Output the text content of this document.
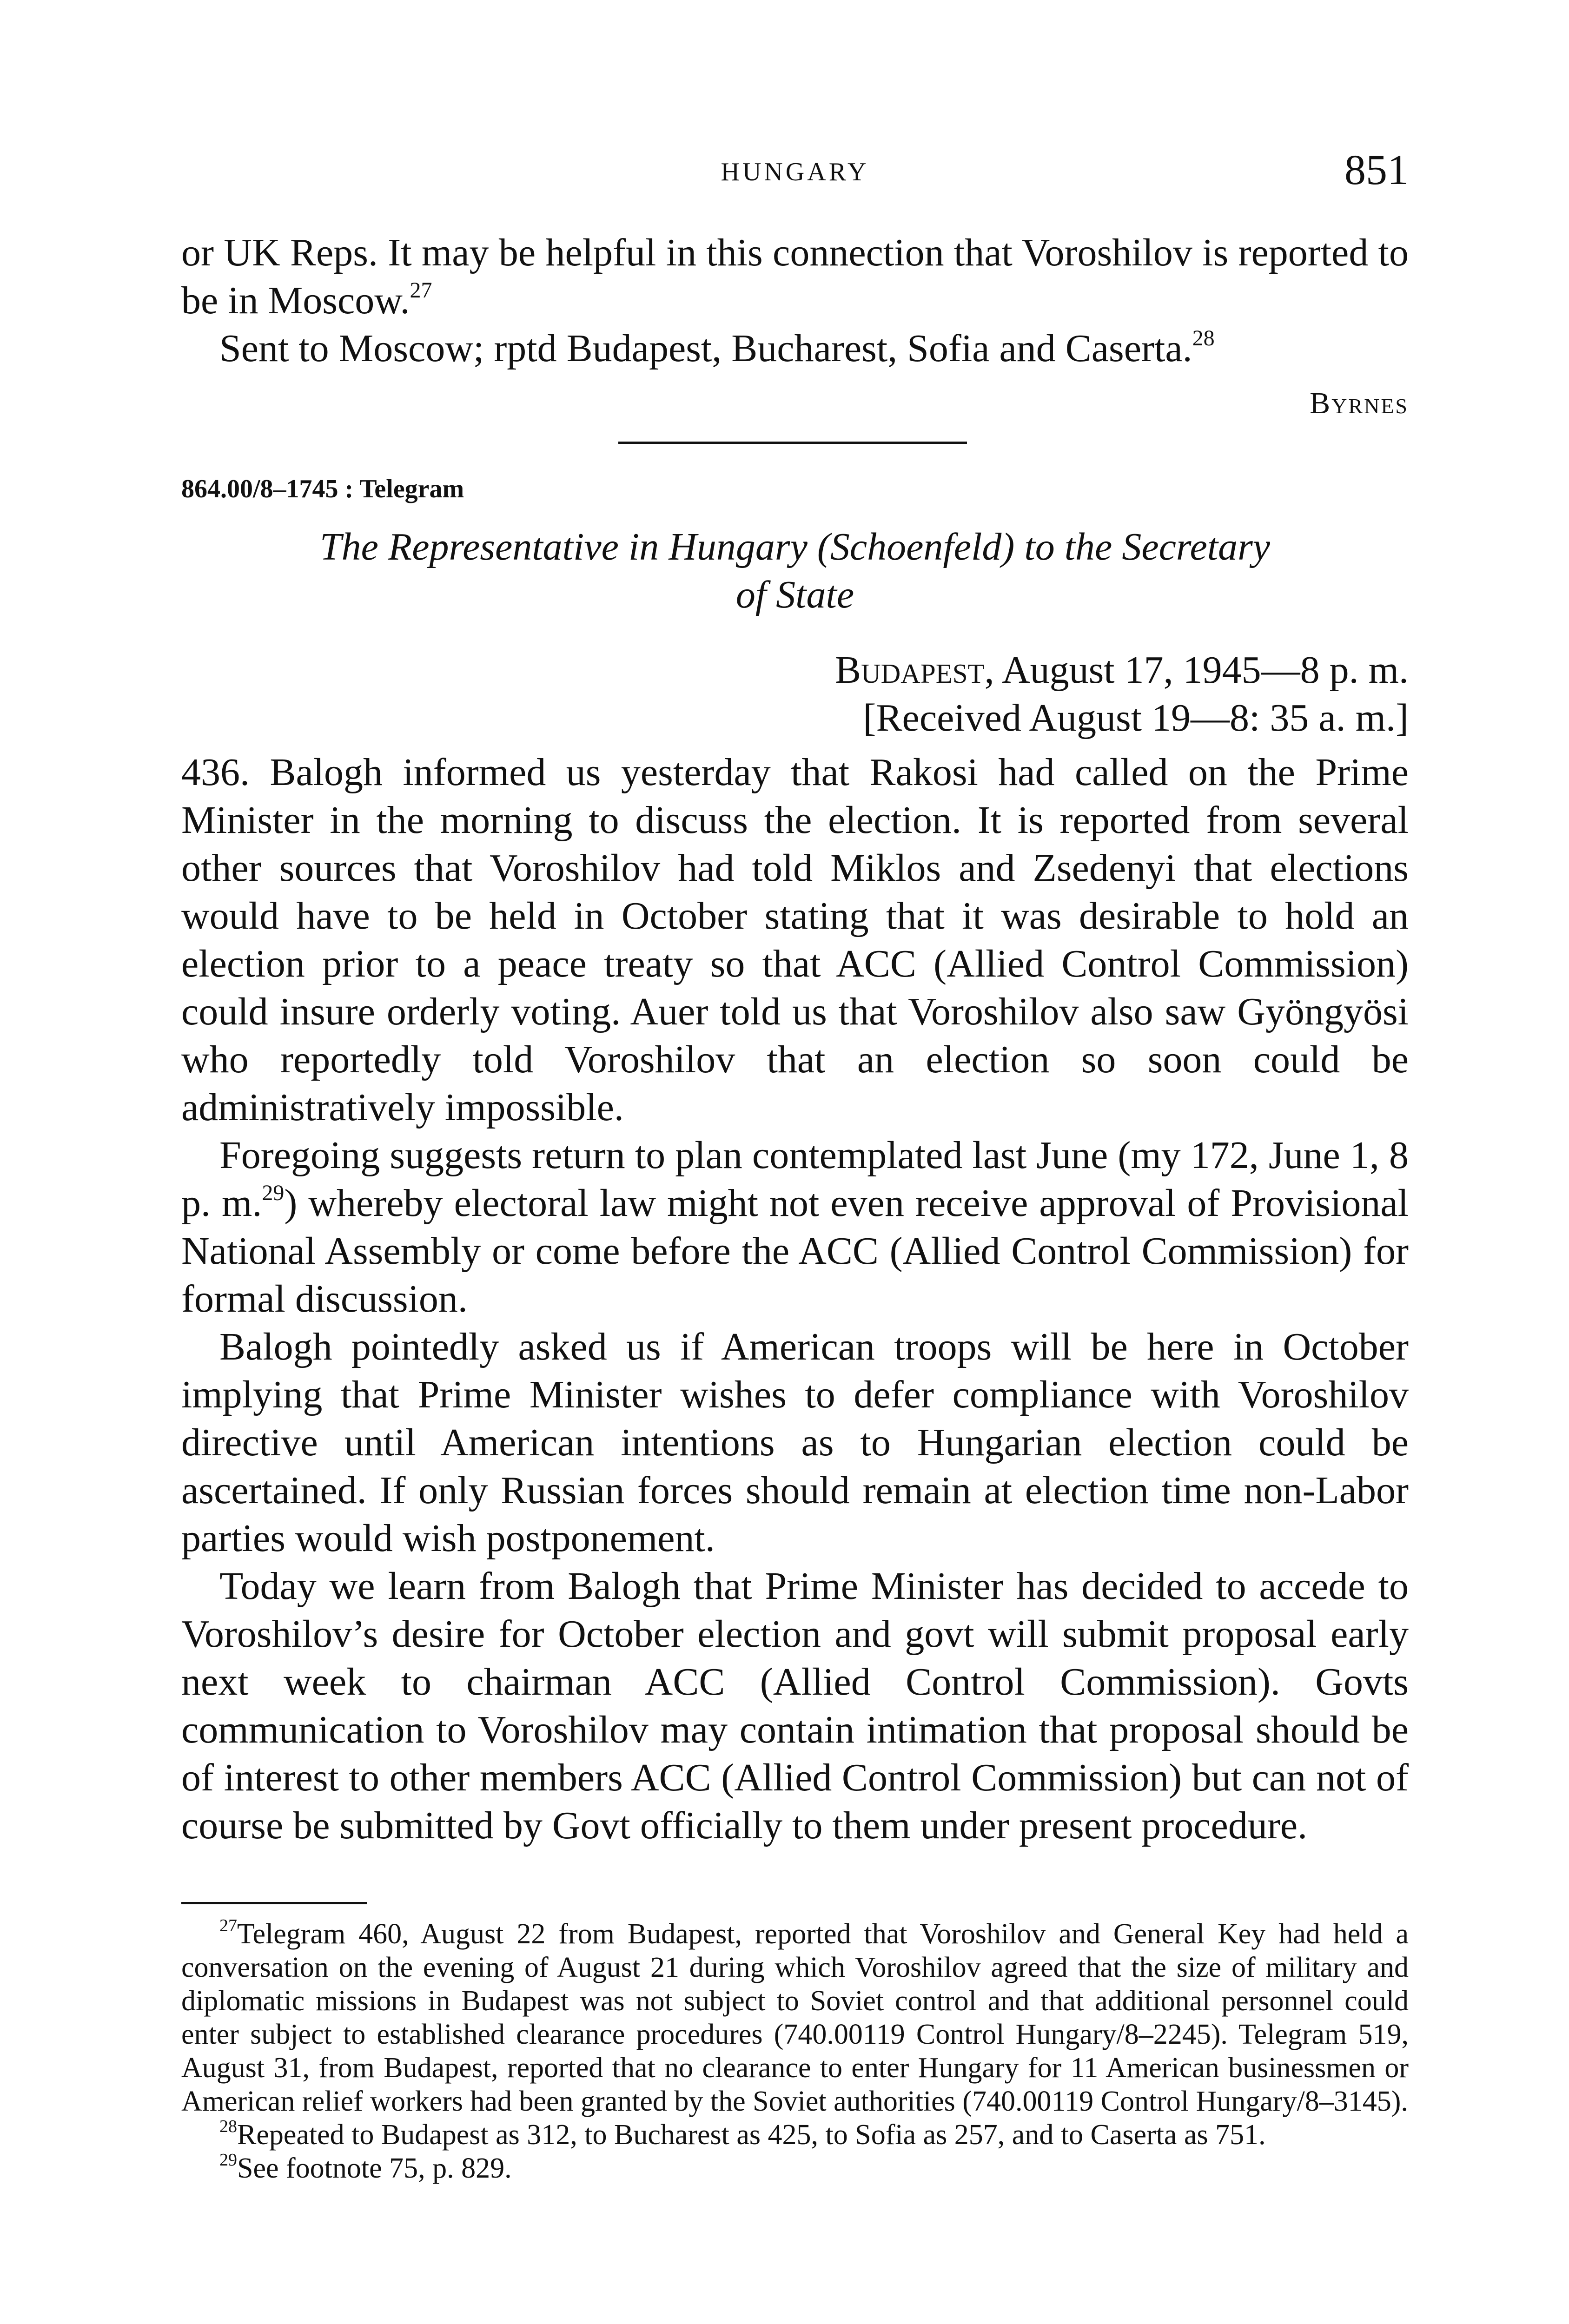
HUNGARY	851

or UK Reps. It may be helpful in this connection that Voroshilov is reported to be in Moscow.$^{27}$

Sent to Moscow; rptd Budapest, Bucharest, Sofia and Caserta.$^{28}$

Byrnes
864.00/8–1745 : Telegram
The Representative in Hungary (Schoenfeld) to the Secretary
of State
Budapest, August 17, 1945—8 p. m.
[Received August 19—8: 35 a. m.]

436. Balogh informed us yesterday that Rakosi had called on the Prime Minister in the morning to discuss the election. It is reported from several other sources that Voroshilov had told Miklos and Zsedenyi that elections would have to be held in October stating that it was desirable to hold an election prior to a peace treaty so that ACC (Allied Control Commission) could insure orderly voting. Auer told us that Voroshilov also saw Gyöngyösi who reportedly told Voroshilov that an election so soon could be administratively impossible.

Foregoing suggests return to plan contemplated last June (my 172, June 1, 8 p. m.$^{29}$) whereby electoral law might not even receive approval of Provisional National Assembly or come before the ACC (Allied Control Commission) for formal discussion.

Balogh pointedly asked us if American troops will be here in October implying that Prime Minister wishes to defer compliance with Voroshilov directive until American intentions as to Hungarian election could be ascertained. If only Russian forces should remain at election time non-Labor parties would wish postponement.

Today we learn from Balogh that Prime Minister has decided to accede to Voroshilov’s desire for October election and govt will submit proposal early next week to chairman ACC (Allied Control Commission). Govts communication to Voroshilov may contain intimation that proposal should be of interest to other members ACC (Allied Control Commission) but can not of course be submitted by Govt officially to them under present procedure.

$^{27}$Telegram 460, August 22 from Budapest, reported that Voroshilov and General Key had held a conversation on the evening of August 21 during which Voroshilov agreed that the size of military and diplomatic missions in Budapest was not subject to Soviet control and that additional personnel could enter subject to established clearance procedures (740.00119 Control Hungary/8–2245). Telegram 519, August 31, from Budapest, reported that no clearance to enter Hungary for 11 American businessmen or American relief workers had been granted by the Soviet authorities (740.00119 Control Hungary/8–3145).

$^{28}$Repeated to Budapest as 312, to Bucharest as 425, to Sofia as 257, and to Caserta as 751.

$^{29}$See footnote 75, p. 829.
